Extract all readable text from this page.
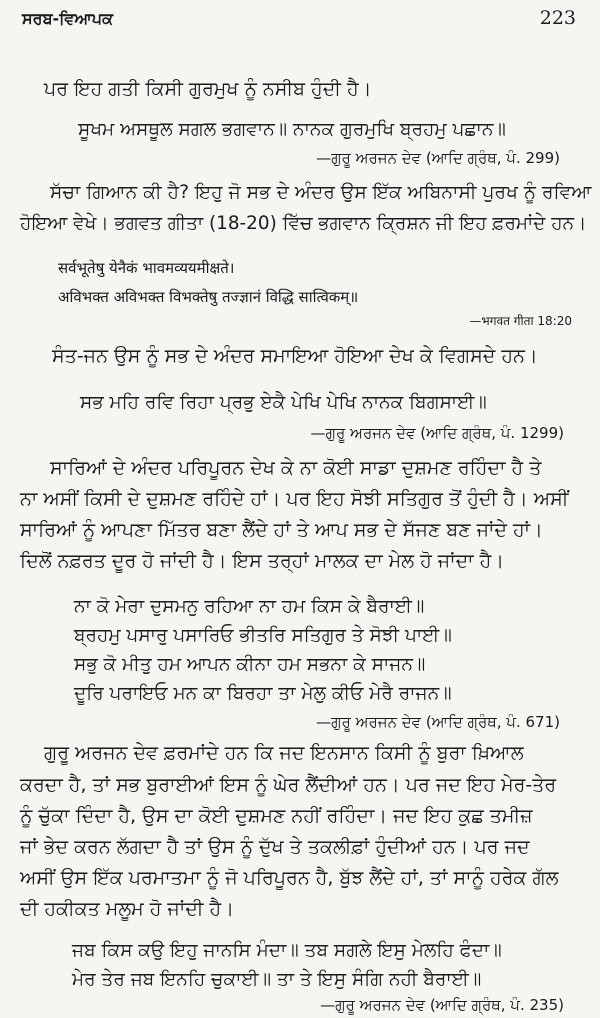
ਸਰਬ-ਵਿਆਪਕ	223
ਪਰ ਇਹ ਗਤੀ ਕਿਸੀ ਗੁਰਮੁਖ ਨੂੰ ਨਸੀਬ ਹੁੰਦੀ ਹੈ।
ਸੂਖਮ ਅਸਥੂਲ ਸਗਲ ਭਗਵਾਨ॥ ਨਾਨਕ ਗੁਰਮੁਖਿ ਬ੍ਰਹਮੁ ਪਛਾਨ॥
—ਗੁਰੂ ਅਰਜਨ ਦੇਵ (ਆਦਿ ਗ੍ਰੰਥ, ਪੰ. 299)
ਸੱਚਾ ਗਿਆਨ ਕੀ ਹੈ? ਇਹੁ ਜੋ ਸਭ ਦੇ ਅੰਦਰ ਉਸ ਇੱਕ ਅਬਿਨਾਸੀ ਪੁਰਖ ਨੂੰ ਰਵਿਆ
ਹੋਇਆ ਵੇਖੇ। ਭਗਵਤ ਗੀਤਾ (18-20) ਵਿੱਚ ਭਗਵਾਨ ਕ੍ਰਿਸ਼ਨ ਜੀ ਇਹ ਫ਼ਰਮਾਂਦੇ ਹਨ।
सर्वभूतेषु येनैकं भावमव्ययमीक्षते।
अविभक्त अविभक्त विभक्तेषु तज्ज्ञानं विद्धि सात्विकम्॥
—भगवत गीता 18:20
ਸੰਤ-ਜਨ ਉਸ ਨੂੰ ਸਭ ਦੇ ਅੰਦਰ ਸਮਾਇਆ ਹੋਇਆ ਦੇਖ ਕੇ ਵਿਗਸਦੇ ਹਨ।
ਸਭ ਮਹਿ ਰਵਿ ਰਿਹਾ ਪ੍ਰਭੁ ਏਕੈ ਪੇਖਿ ਪੇਖਿ ਨਾਨਕ ਬਿਗਸਾਈ॥
—ਗੁਰੂ ਅਰਜਨ ਦੇਵ (ਆਦਿ ਗ੍ਰੰਥ, ਪੰ. 1299)
ਸਾਰਿਆਂ ਦੇ ਅੰਦਰ ਪਰਿਪੂਰਨ ਦੇਖ ਕੇ ਨਾ ਕੋਈ ਸਾਡਾ ਦੁਸ਼ਮਣ ਰਹਿੰਦਾ ਹੈ ਤੇ
ਨਾ ਅਸੀਂ ਕਿਸੀ ਦੇ ਦੁਸ਼ਮਣ ਰਹਿੰਦੇ ਹਾਂ। ਪਰ ਇਹ ਸੋਝੀ ਸਤਿਗੁਰ ਤੋਂ ਹੁੰਦੀ ਹੈ। ਅਸੀਂ
ਸਾਰਿਆਂ ਨੂੰ ਆਪਣਾ ਮਿੱਤਰ ਬਣਾ ਲੈਂਦੇ ਹਾਂ ਤੇ ਆਪ ਸਭ ਦੇ ਸੱਜਣ ਬਣ ਜਾਂਦੇ ਹਾਂ।
ਦਿਲੋਂ ਨਫ਼ਰਤ ਦੂਰ ਹੋ ਜਾਂਦੀ ਹੈ। ਇਸ ਤਰ੍ਹਾਂ ਮਾਲਕ ਦਾ ਮੇਲ ਹੋ ਜਾਂਦਾ ਹੈ।
ਨਾ ਕੋ ਮੇਰਾ ਦੁਸਮਨੁ ਰਹਿਆ ਨਾ ਹਮ ਕਿਸ ਕੇ ਬੈਰਾਈ॥
ਬ੍ਰਹਮੁ ਪਸਾਰੁ ਪਸਾਰਿਓ ਭੀਤਰਿ ਸਤਿਗੁਰ ਤੇ ਸੋਝੀ ਪਾਈ॥
ਸਭੁ ਕੋ ਮੀਤੁ ਹਮ ਆਪਨ ਕੀਨਾ ਹਮ ਸਭਨਾ ਕੇ ਸਾਜਨ॥
ਦੂਰਿ ਪਰਾਇਓ ਮਨ ਕਾ ਬਿਰਹਾ ਤਾ ਮੇਲੁ ਕੀਓ ਮੇਰੈ ਰਾਜਨ॥
—ਗੁਰੂ ਅਰਜਨ ਦੇਵ (ਆਦਿ ਗ੍ਰੰਥ, ਪੰ. 671)
ਗੁਰੂ ਅਰਜਨ ਦੇਵ ਫ਼ਰਮਾਂਦੇ ਹਨ ਕਿ ਜਦ ਇਨਸਾਨ ਕਿਸੀ ਨੂੰ ਬੁਰਾ ਖ਼ਿਆਲ
ਕਰਦਾ ਹੈ, ਤਾਂ ਸਭ ਬੁਰਾਈਆਂ ਇਸ ਨੂੰ ਘੇਰ ਲੈਂਦੀਆਂ ਹਨ। ਪਰ ਜਦ ਇਹ ਮੇਰ-ਤੇਰ
ਨੂੰ ਚੁੱਕਾ ਦਿੰਦਾ ਹੈ, ਉਸ ਦਾ ਕੋਈ ਦੁਸ਼ਮਣ ਨਹੀਂ ਰਹਿੰਦਾ। ਜਦ ਇਹ ਕੁਛ ਤਮੀਜ਼
ਜਾਂ ਭੇਦ ਕਰਨ ਲੱਗਦਾ ਹੈ ਤਾਂ ਉਸ ਨੂੰ ਦੁੱਖ ਤੇ ਤਕਲੀਫ਼ਾਂ ਹੁੰਦੀਆਂ ਹਨ। ਪਰ ਜਦ
ਅਸੀਂ ਉਸ ਇੱਕ ਪਰਮਾਤਮਾ ਨੂੰ ਜੋ ਪਰਿਪੂਰਨ ਹੈ, ਬੁੱਝ ਲੈਂਦੇ ਹਾਂ, ਤਾਂ ਸਾਨੂੰ ਹਰੇਕ ਗੱਲ
ਦੀ ਹਕੀਕਤ ਮਲੂਮ ਹੋ ਜਾਂਦੀ ਹੈ।
ਜਬ ਕਿਸ ਕਉ ਇਹੁ ਜਾਨਸਿ ਮੰਦਾ॥ ਤਬ ਸਗਲੇ ਇਸੁ ਮੇਲਹਿ ਫੰਦਾ॥
ਮੇਰ ਤੇਰ ਜਬ ਇਨਹਿ ਚੁਕਾਈ॥ ਤਾ ਤੇ ਇਸੁ ਸੰਗਿ ਨਹੀ ਬੈਰਾਈ॥
—ਗੁਰੂ ਅਰਜਨ ਦੇਵ (ਆਦਿ ਗ੍ਰੰਥ, ਪੰ. 235)
